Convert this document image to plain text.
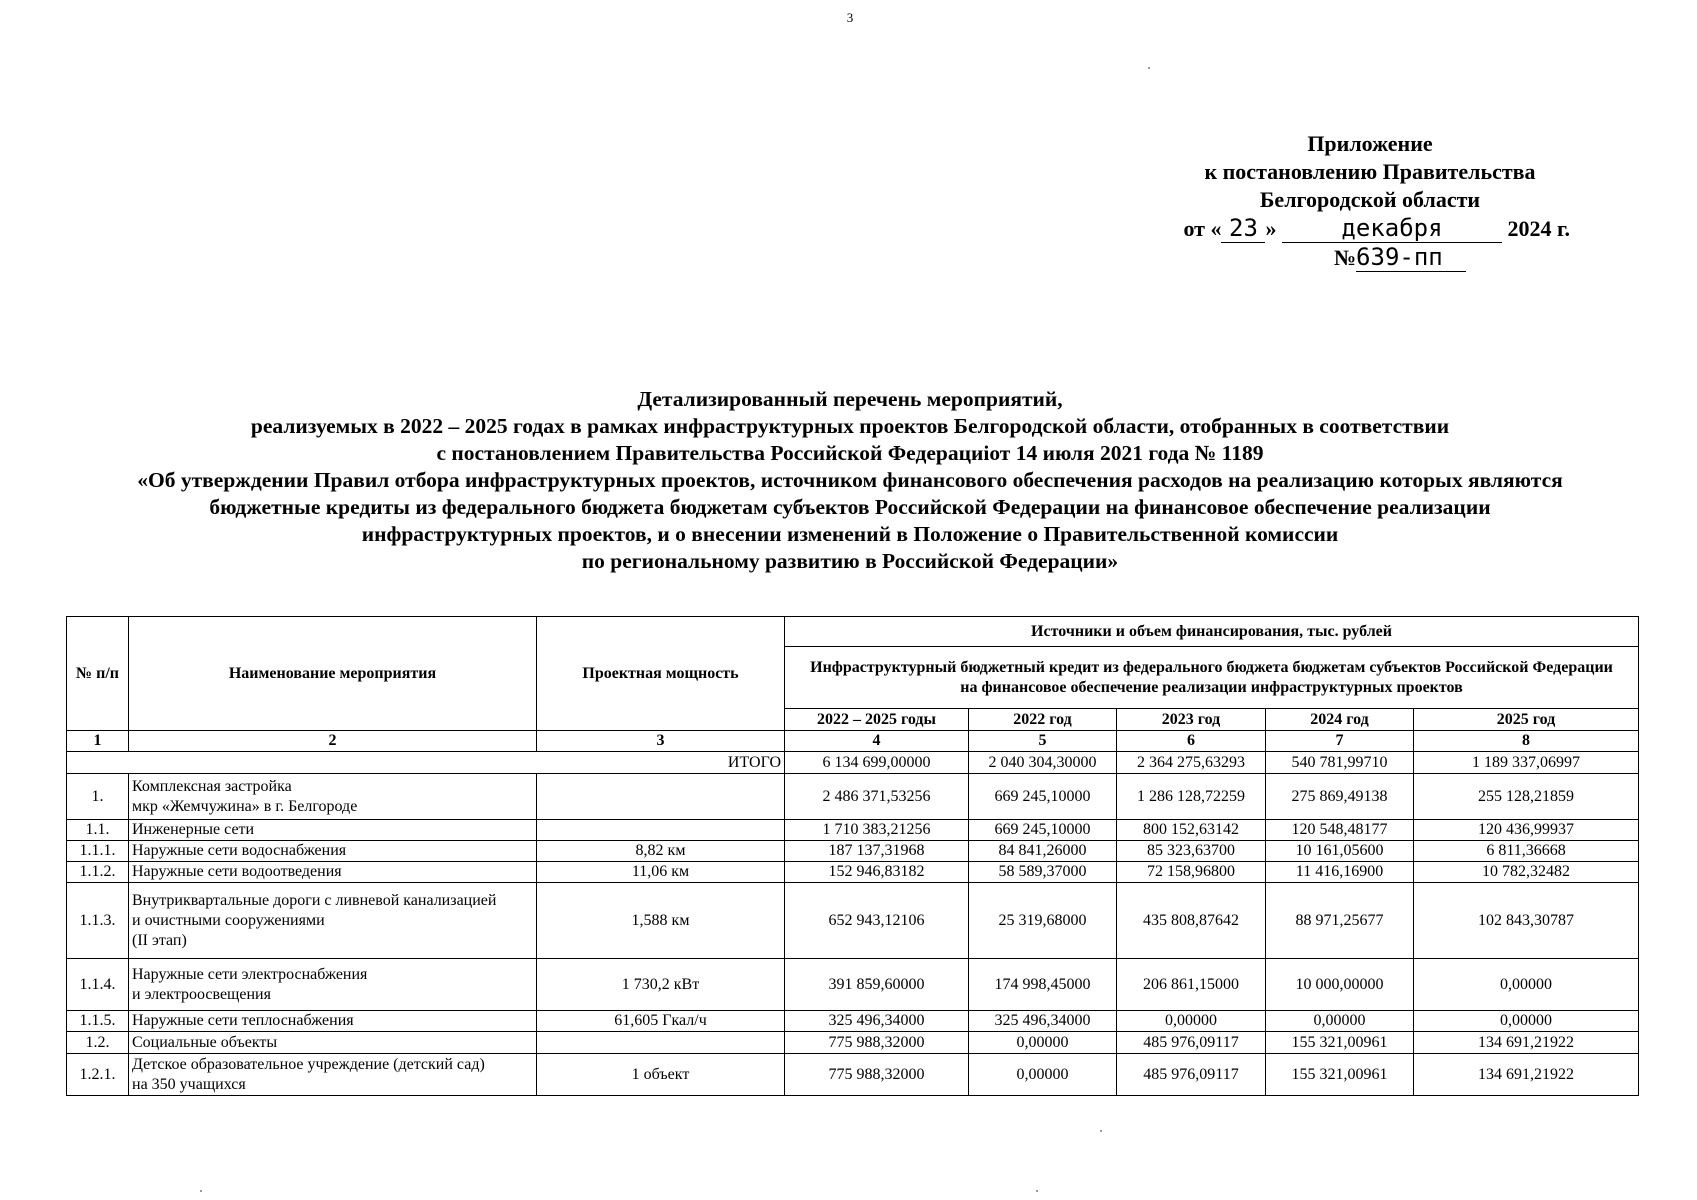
3
Приложение
к постановлению Правительства
Белгородской области
от « 23 »	декабря	2024 г.
№639-пп
Детализированный перечень мероприятий,
реализуемых в 2022 – 2025 годах в рамках инфраструктурных проектов Белгородской области, отобранных в соответствии
с постановлением Правительства Российской Федерациiот 14 июля 2021 года № 1189
«Об утверждении Правил отбора инфраструктурных проектов, источником финансового обеспечения расходов на реализацию которых являются
бюджетные кредиты из федерального бюджета бюджетам субъектов Российской Федерации на финансовое обеспечение реализации
инфраструктурных проектов, и о внесении изменений в Положение о Правительственной комиссии
по региональному развитию в Российской Федерации»
№ п/п	Наименование мероприятия	Проектная мощность	Источники и объем финансирования, тыс. рублей				
			Инфраструктурный бюджетный кредит из федерального бюджета бюджетам субъектов Российской Федерации на финансовое обеспечение реализации инфраструктурных проектов				
			2022 – 2025 годы	2022 год	2023 год	2024 год	2025 год
1	2	3	4	5	6	7	8
ИТОГО			6 134 699,00000	2 040 304,30000	2 364 275,63293	540 781,99710	1 189 337,06997
1.	Комплексная застройка
мкр «Жемчужина» в г. Белгороде		2 486 371,53256	669 245,10000	1 286 128,72259	275 869,49138	255 128,21859
1.1.	Инженерные сети		1 710 383,21256	669 245,10000	800 152,63142	120 548,48177	120 436,99937
1.1.1.	Наружные сети водоснабжения	8,82 км	187 137,31968	84 841,26000	85 323,63700	10 161,05600	6 811,36668
1.1.2.	Наружные сети водоотведения	11,06 км	152 946,83182	58 589,37000	72 158,96800	11 416,16900	10 782,32482
1.1.3.	Внутриквартальные дороги с ливневой канализацией
и очистными сооружениями
(II этап)	1,588 км	652 943,12106	25 319,68000	435 808,87642	88 971,25677	102 843,30787
1.1.4.	Наружные сети электроснабжения
и электроосвещения	1 730,2 кВт	391 859,60000	174 998,45000	206 861,15000	10 000,00000	0,00000
1.1.5.	Наружные сети теплоснабжения	61,605 Гкал/ч	325 496,34000	325 496,34000	0,00000	0,00000	0,00000
1.2.	Социальные объекты		775 988,32000	0,00000	485 976,09117	155 321,00961	134 691,21922
1.2.1.	Детское образовательное учреждение (детский сад)
на 350 учащихся	1 объект	775 988,32000	0,00000	485 976,09117	155 321,00961	134 691,21922
